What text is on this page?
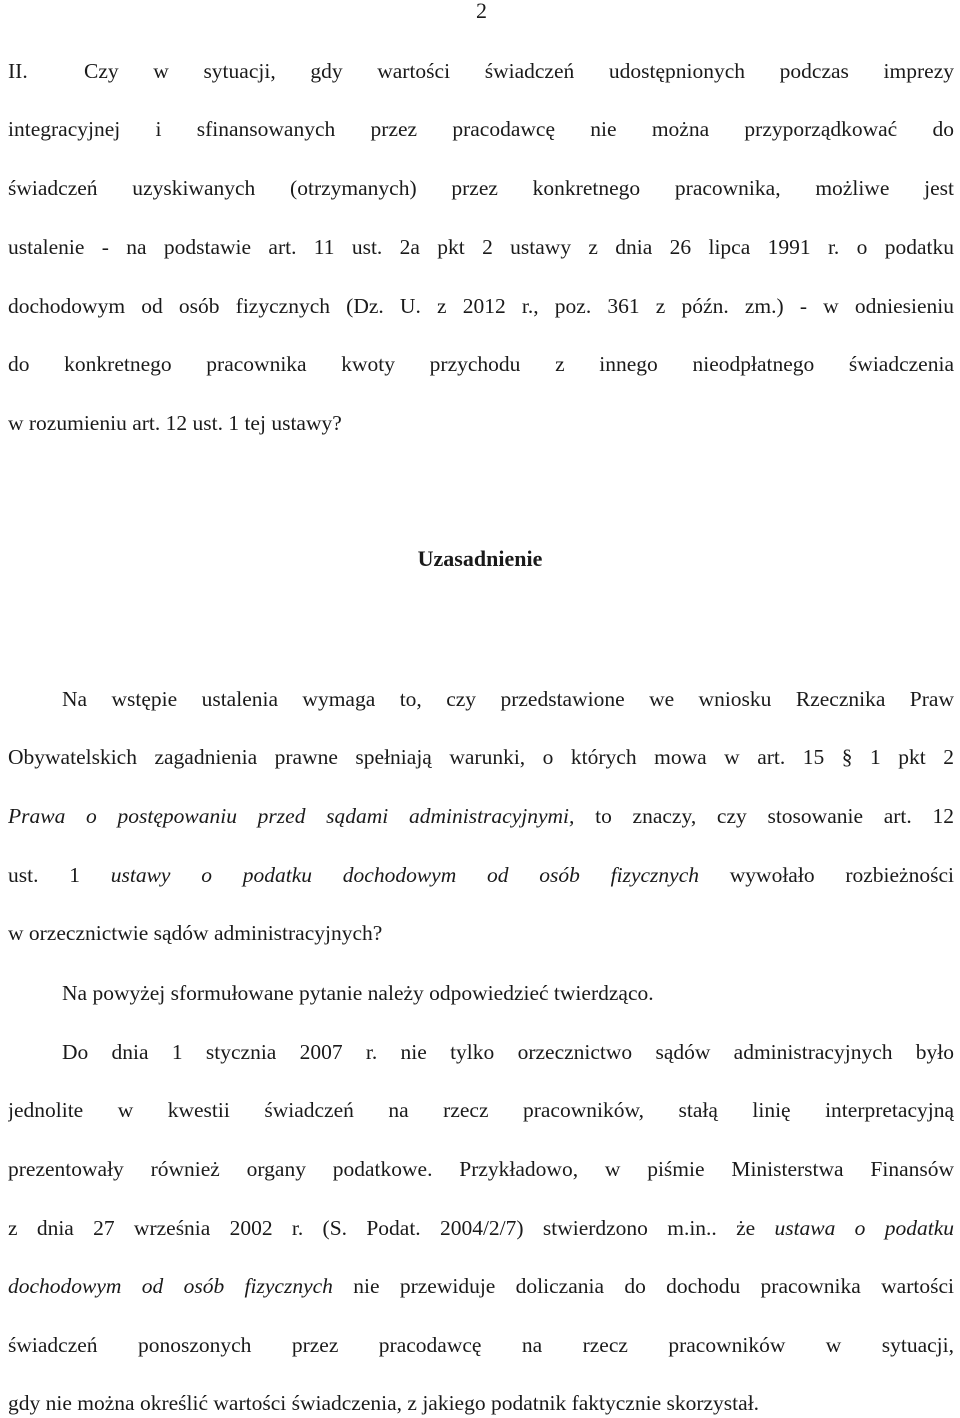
2
II.	Czy w sytuacji, gdy wartości świadczeń udostępnionych podczas imprezy
integracyjnej i sfinansowanych przez pracodawcę nie można przyporządkować do
świadczeń uzyskiwanych (otrzymanych) przez konkretnego pracownika, możliwe jest
ustalenie - na podstawie art. 11 ust. 2a pkt 2 ustawy z dnia 26 lipca 1991 r. o podatku
dochodowym od osób fizycznych (Dz. U. z 2012 r., poz. 361 z późn. zm.) - w odniesieniu
do konkretnego pracownika kwoty przychodu z innego nieodpłatnego świadczenia
w rozumieniu art. 12 ust. 1 tej ustawy?
Uzasadnienie
Na wstępie ustalenia wymaga to, czy przedstawione we wniosku Rzecznika Praw
Obywatelskich zagadnienia prawne spełniają warunki, o których mowa w art. 15 § 1 pkt 2
Prawa o postępowaniu przed sądami administracyjnymi, to znaczy, czy stosowanie art. 12
ust. 1 ustawy o podatku dochodowym od osób fizycznych wywołało rozbieżności
w orzecznictwie sądów administracyjnych?
Na powyżej sformułowane pytanie należy odpowiedzieć twierdząco.
Do dnia 1 stycznia 2007 r. nie tylko orzecznictwo sądów administracyjnych było
jednolite w kwestii świadczeń na rzecz pracowników, stałą linię interpretacyjną
prezentowały również organy podatkowe. Przykładowo, w piśmie Ministerstwa Finansów
z dnia 27 września 2002 r. (S. Podat. 2004/2/7) stwierdzono m.in.. że ustawa o podatku
dochodowym od osób fizycznych nie przewiduje doliczania do dochodu pracownika wartości
świadczeń ponoszonych przez pracodawcę na rzecz pracowników w sytuacji,
gdy nie można określić wartości świadczenia, z jakiego podatnik faktycznie skorzystał.
